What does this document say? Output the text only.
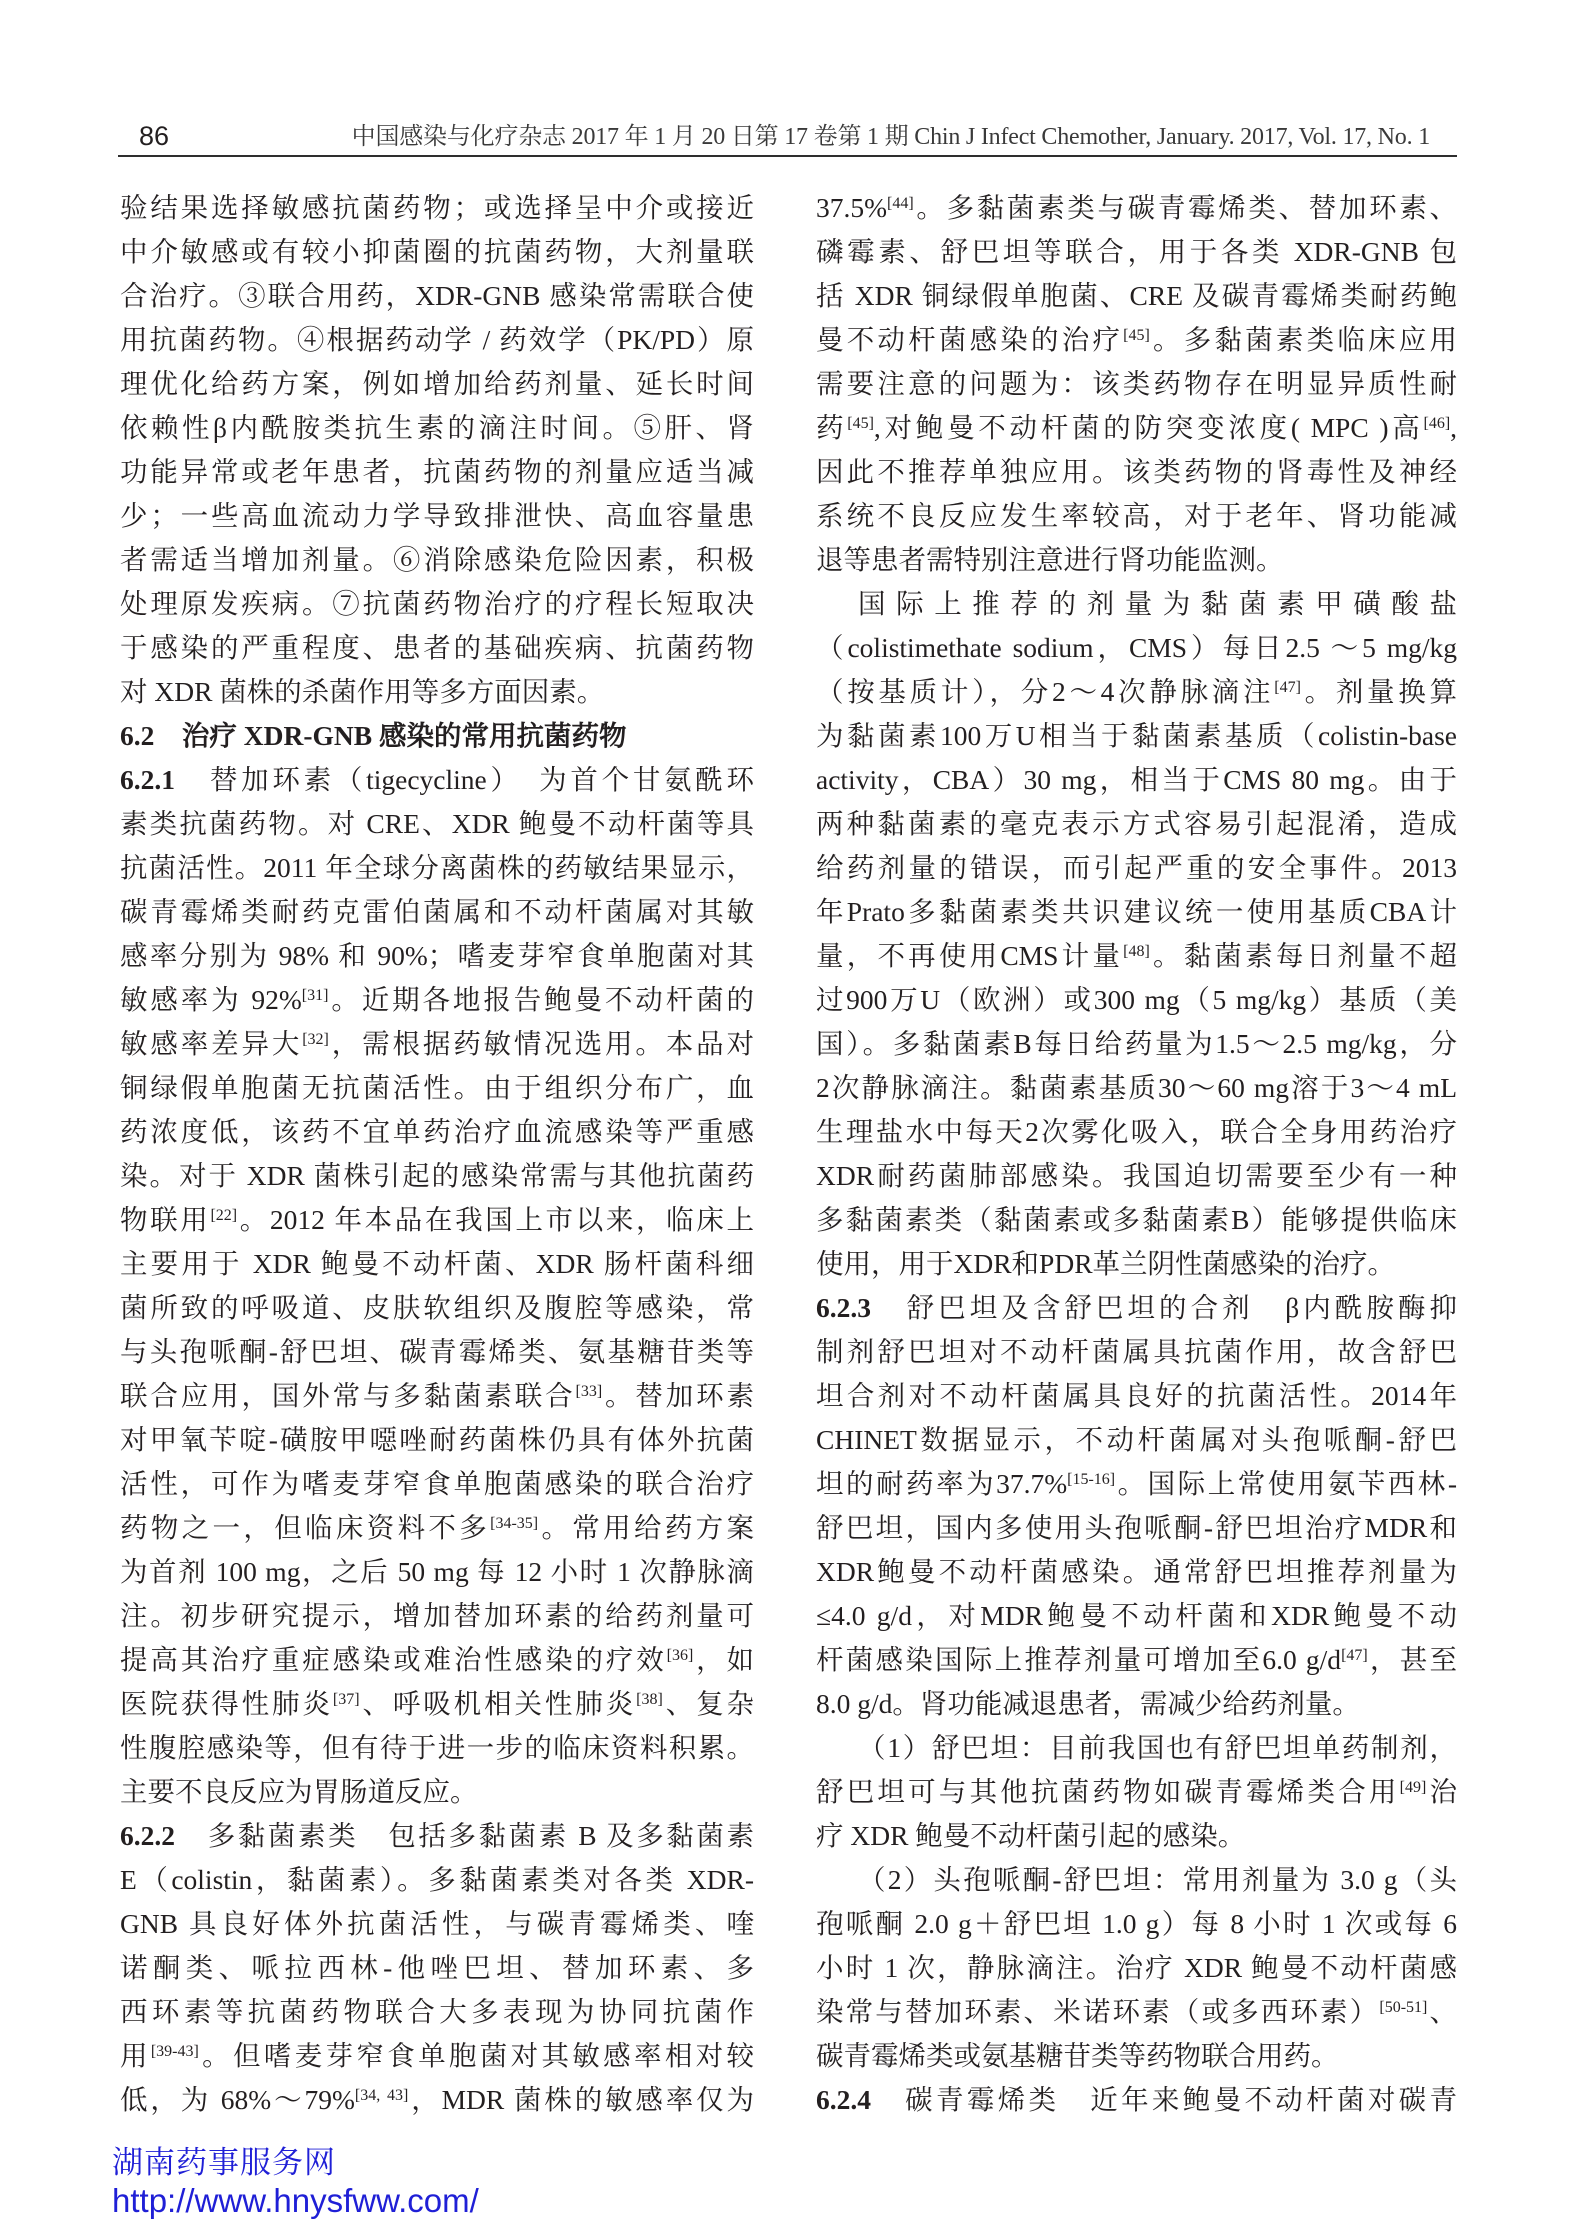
86	中国感染与化疗杂志 2017 年 1 月 20 日第 17 卷第 1 期 Chin J Infect Chemother, January. 2017, Vol. 17, No. 1
验结果选择敏感抗菌药物；或选择呈中介或接近
中介敏感或有较小抑菌圈的抗菌药物，大剂量联
合治疗。③联合用药，XDR-GNB 感染常需联合使
用抗菌药物。④根据药动学 / 药效学（PK/PD）原
理优化给药方案，例如增加给药剂量、延长时间
依赖性β内酰胺类抗生素的滴注时间。⑤肝、肾
功能异常或老年患者，抗菌药物的剂量应适当减
少；一些高血流动力学导致排泄快、高血容量患
者需适当增加剂量。⑥消除感染危险因素，积极
处理原发疾病。⑦抗菌药物治疗的疗程长短取决
于感染的严重程度、患者的基础疾病、抗菌药物
对 XDR 菌株的杀菌作用等多方面因素。
6.2　治疗 XDR-GNB 感染的常用抗菌药物
6.2.1　替加环素（tigecycline）　为首个甘氨酰环
素类抗菌药物。对 CRE、XDR 鲍曼不动杆菌等具
抗菌活性。2011 年全球分离菌株的药敏结果显示，
碳青霉烯类耐药克雷伯菌属和不动杆菌属对其敏
感率分别为 98% 和 90%；嗜麦芽窄食单胞菌对其
敏感率为 92%[31]。近期各地报告鲍曼不动杆菌的
敏感率差异大[32]，需根据药敏情况选用。本品对
铜绿假单胞菌无抗菌活性。由于组织分布广，血
药浓度低，该药不宜单药治疗血流感染等严重感
染。对于 XDR 菌株引起的感染常需与其他抗菌药
物联用[22]。2012 年本品在我国上市以来，临床上
主要用于 XDR 鲍曼不动杆菌、XDR 肠杆菌科细
菌所致的呼吸道、皮肤软组织及腹腔等感染，常
与头孢哌酮-舒巴坦、碳青霉烯类、氨基糖苷类等
联合应用，国外常与多黏菌素联合[33]。替加环素
对甲氧苄啶-磺胺甲噁唑耐药菌株仍具有体外抗菌
活性，可作为嗜麦芽窄食单胞菌感染的联合治疗
药物之一，但临床资料不多[34-35]。常用给药方案
为首剂 100 mg，之后 50 mg 每 12 小时 1 次静脉滴
注。初步研究提示，增加替加环素的给药剂量可
提高其治疗重症感染或难治性感染的疗效[36]，如
医院获得性肺炎[37]、呼吸机相关性肺炎[38]、复杂
性腹腔感染等，但有待于进一步的临床资料积累。
主要不良反应为胃肠道反应。
6.2.2　多黏菌素类　包括多黏菌素 B 及多黏菌素
E（colistin，黏菌素）。多黏菌素类对各类 XDR-
GNB 具良好体外抗菌活性，与碳青霉烯类、喹
诺酮类、哌拉西林-他唑巴坦、替加环素、多
西环素等抗菌药物联合大多表现为协同抗菌作
用[39-43]。但嗜麦芽窄食单胞菌对其敏感率相对较
低，为 68%～79%[34, 43]，MDR 菌株的敏感率仅为
37.5%[44]。多黏菌素类与碳青霉烯类、替加环素、
磷霉素、舒巴坦等联合，用于各类 XDR-GNB 包
括 XDR 铜绿假单胞菌、CRE 及碳青霉烯类耐药鲍
曼不动杆菌感染的治疗[45]。多黏菌素类临床应用
需要注意的问题为：该类药物存在明显异质性耐
药[45],对鲍曼不动杆菌的防突变浓度( MPC )高[46],
因此不推荐单独应用。该类药物的肾毒性及神经
系统不良反应发生率较高，对于老年、肾功能减
退等患者需特别注意进行肾功能监测。
国际上推荐的剂量为黏菌素甲磺酸盐
（colistimethate sodium，CMS）每日2.5 ～5 mg/kg
（按基质计），分2～4次静脉滴注[47]。剂量换算
为黏菌素100万U相当于黏菌素基质（colistin-base
activity，CBA）30 mg，相当于CMS 80 mg。由于
两种黏菌素的毫克表示方式容易引起混淆，造成
给药剂量的错误，而引起严重的安全事件。2013
年Prato多黏菌素类共识建议统一使用基质CBA计
量，不再使用CMS计量[48]。黏菌素每日剂量不超
过900万U（欧洲）或300 mg（5 mg/kg）基质（美
国）。多黏菌素B每日给药量为1.5～2.5 mg/kg，分
2次静脉滴注。黏菌素基质30～60 mg溶于3～4 mL
生理盐水中每天2次雾化吸入，联合全身用药治疗
XDR耐药菌肺部感染。我国迫切需要至少有一种
多黏菌素类（黏菌素或多黏菌素B）能够提供临床
使用，用于XDR和PDR革兰阴性菌感染的治疗。
6.2.3　舒巴坦及含舒巴坦的合剂　β内酰胺酶抑
制剂舒巴坦对不动杆菌属具抗菌作用，故含舒巴
坦合剂对不动杆菌属具良好的抗菌活性。2014年
CHINET数据显示，不动杆菌属对头孢哌酮-舒巴
坦的耐药率为37.7%[15-16]。国际上常使用氨苄西林-
舒巴坦，国内多使用头孢哌酮-舒巴坦治疗MDR和
XDR鲍曼不动杆菌感染。通常舒巴坦推荐剂量为
≤4.0 g/d，对MDR鲍曼不动杆菌和XDR鲍曼不动
杆菌感染国际上推荐剂量可增加至6.0 g/d[47]，甚至
8.0 g/d。肾功能减退患者，需减少给药剂量。
（1）舒巴坦：目前我国也有舒巴坦单药制剂，
舒巴坦可与其他抗菌药物如碳青霉烯类合用[49]治
疗 XDR 鲍曼不动杆菌引起的感染。
（2）头孢哌酮-舒巴坦：常用剂量为 3.0 g（头
孢哌酮 2.0 g＋舒巴坦 1.0 g）每 8 小时 1 次或每 6
小时 1 次，静脉滴注。治疗 XDR 鲍曼不动杆菌感
染常与替加环素、米诺环素（或多西环素）[50-51]、
碳青霉烯类或氨基糖苷类等药物联合用药。
6.2.4　碳青霉烯类　近年来鲍曼不动杆菌对碳青
湖南药事服务网
http://www.hnysfww.com/
